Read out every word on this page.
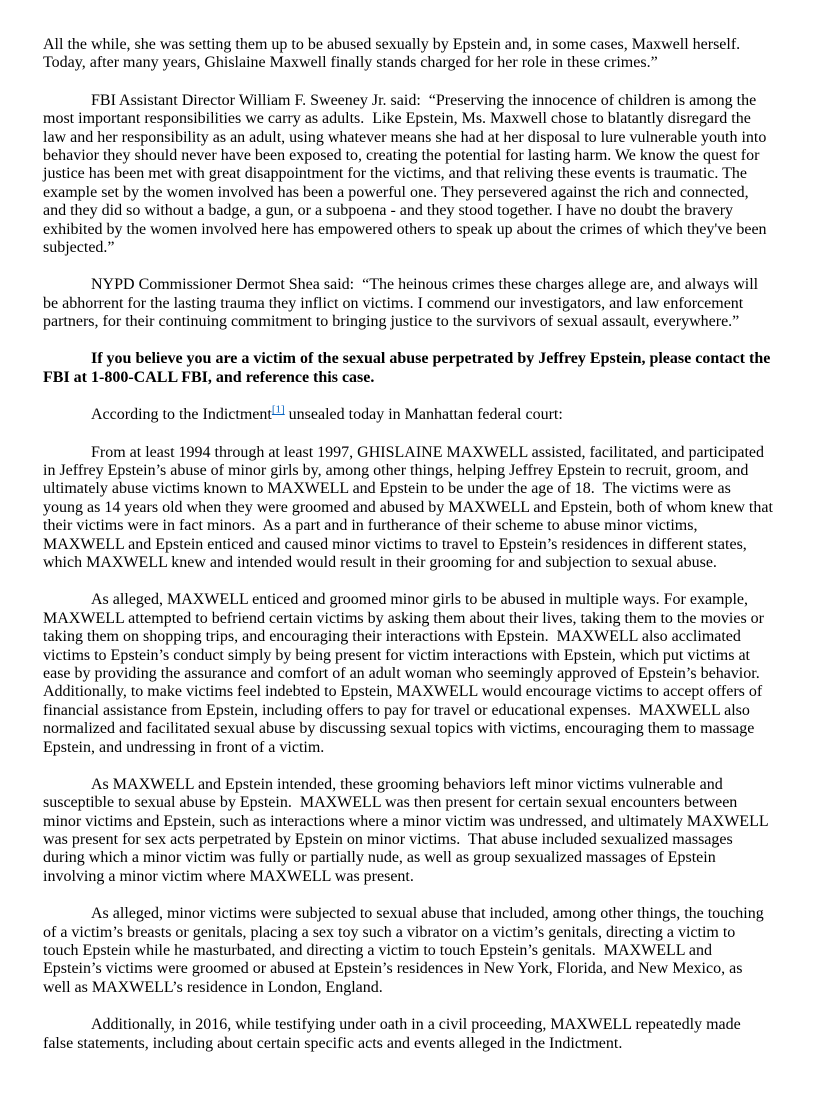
All the while, she was setting them up to be abused sexually by Epstein and, in some cases, Maxwell herself. Today, after many years, Ghislaine Maxwell finally stands charged for her role in these crimes.”

FBI Assistant Director William F. Sweeney Jr. said:  “Preserving the innocence of children is among the most important responsibilities we carry as adults.  Like Epstein, Ms. Maxwell chose to blatantly disregard the law and her responsibility as an adult, using whatever means she had at her disposal to lure vulnerable youth into behavior they should never have been exposed to, creating the potential for lasting harm. We know the quest for justice has been met with great disappointment for the victims, and that reliving these events is traumatic. The example set by the women involved has been a powerful one. They persevered against the rich and connected, and they did so without a badge, a gun, or a subpoena - and they stood together. I have no doubt the bravery exhibited by the women involved here has empowered others to speak up about the crimes of which they've been subjected.”

NYPD Commissioner Dermot Shea said:  “The heinous crimes these charges allege are, and always will be abhorrent for the lasting trauma they inflict on victims. I commend our investigators, and law enforcement partners, for their continuing commitment to bringing justice to the survivors of sexual assault, everywhere.”

If you believe you are a victim of the sexual abuse perpetrated by Jeffrey Epstein, please contact the FBI at 1-800-CALL FBI, and reference this case.

According to the Indictment[1] unsealed today in Manhattan federal court:

From at least 1994 through at least 1997, GHISLAINE MAXWELL assisted, facilitated, and participated in Jeffrey Epstein’s abuse of minor girls by, among other things, helping Jeffrey Epstein to recruit, groom, and ultimately abuse victims known to MAXWELL and Epstein to be under the age of 18.  The victims were as young as 14 years old when they were groomed and abused by MAXWELL and Epstein, both of whom knew that their victims were in fact minors.  As a part and in furtherance of their scheme to abuse minor victims, MAXWELL and Epstein enticed and caused minor victims to travel to Epstein’s residences in different states, which MAXWELL knew and intended would result in their grooming for and subjection to sexual abuse.

As alleged, MAXWELL enticed and groomed minor girls to be abused in multiple ways. For example, MAXWELL attempted to befriend certain victims by asking them about their lives, taking them to the movies or taking them on shopping trips, and encouraging their interactions with Epstein.  MAXWELL also acclimated victims to Epstein’s conduct simply by being present for victim interactions with Epstein, which put victims at ease by providing the assurance and comfort of an adult woman who seemingly approved of Epstein’s behavior. Additionally, to make victims feel indebted to Epstein, MAXWELL would encourage victims to accept offers of financial assistance from Epstein, including offers to pay for travel or educational expenses.  MAXWELL also normalized and facilitated sexual abuse by discussing sexual topics with victims, encouraging them to massage Epstein, and undressing in front of a victim.

As MAXWELL and Epstein intended, these grooming behaviors left minor victims vulnerable and susceptible to sexual abuse by Epstein.  MAXWELL was then present for certain sexual encounters between minor victims and Epstein, such as interactions where a minor victim was undressed, and ultimately MAXWELL was present for sex acts perpetrated by Epstein on minor victims.  That abuse included sexualized massages during which a minor victim was fully or partially nude, as well as group sexualized massages of Epstein involving a minor victim where MAXWELL was present.

As alleged, minor victims were subjected to sexual abuse that included, among other things, the touching of a victim’s breasts or genitals, placing a sex toy such a vibrator on a victim’s genitals, directing a victim to touch Epstein while he masturbated, and directing a victim to touch Epstein’s genitals.  MAXWELL and Epstein’s victims were groomed or abused at Epstein’s residences in New York, Florida, and New Mexico, as well as MAXWELL’s residence in London, England.

Additionally, in 2016, while testifying under oath in a civil proceeding, MAXWELL repeatedly made false statements, including about certain specific acts and events alleged in the Indictment.
